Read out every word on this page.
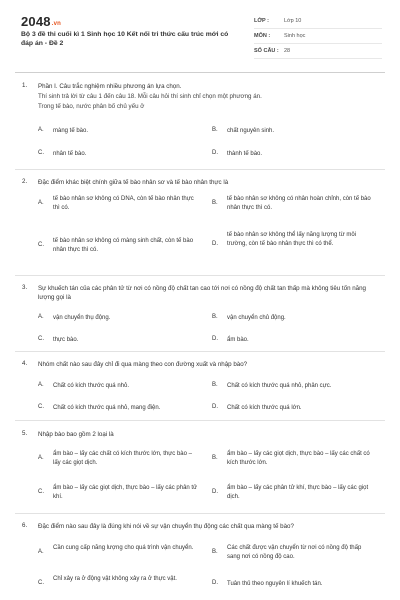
2048.vn
Bộ 3 đề thi cuối kì 1 Sinh học 10 Kết nối tri thức cấu trúc mới có đáp án - Đề 2
LỚP :	Lớp 10
MÔN :	Sinh học
SỐ CÂU : 28
1. Phần I. Câu trắc nghiệm nhiều phương án lựa chọn.
Thí sinh trả lời từ câu 1 đến câu 18. Mỗi câu hỏi thí sinh chỉ chọn một phương án.
Trong tế bào, nước phân bố chủ yếu ở
A. màng tế bào.	B. chất nguyên sinh.
C. nhân tế bào.	D. thành tế bào.
2. Đặc điểm khác biệt chính giữa tế bào nhân sơ và tế bào nhân thực là
A.
tế bào nhân sơ không có DNA, còn tế bào nhân thực thì có.
B.
tế bào nhân sơ không có nhân hoàn chỉnh, còn tế bào nhân thực thì có.
C.
tế bào nhân sơ không có màng sinh chất, còn tế bào nhân thực thì có.
D.
tế bào nhân sơ không thể lấy năng lượng từ môi trường, còn tế bào nhân thực thì có thể.
3. Sự khuếch tán của các phân tử từ nơi có nồng độ chất tan cao tới nơi có nồng độ chất tan thấp mà không tiêu tốn năng lượng gọi là
A. vận chuyển thụ động.	B. vận chuyển chủ động.
C. thực bào.	D. ẩm bào.
4. Nhóm chất nào sau đây chỉ đi qua màng theo con đường xuất và nhập bào?
A. Chất có kích thước quá nhỏ.	B. Chất có kích thước quá nhỏ, phân cực.
C. Chất có kích thước quá nhỏ, mang điện.	D. Chất có kích thước quá lớn.
5. Nhập bào bao gồm 2 loại là
A.
ẩm bào – lấy các chất có kích thước lớn, thực bào – lấy các giọt dịch.
B.
ẩm bào – lấy các giọt dịch, thực bào – lấy các chất có kích thước lớn.
C.
ẩm bào – lấy các giọt dịch, thực bào – lấy các phân tử khí.
D.
ẩm bào – lấy các phân tử khí, thực bào – lấy các giọt dịch.
6. Đặc điểm nào sau đây là đúng khi nói về sự vận chuyển thụ động các chất qua màng tế bào?
A.
Cần cung cấp năng lượng cho quá trình vận chuyển.
B.
Các chất được vận chuyển từ nơi có nồng độ thấp sang nơi có nồng độ cao.
C.
Chỉ xảy ra ở động vật không xảy ra ở thực vật.
D. Tuân thủ theo nguyên lí khuếch tán.
